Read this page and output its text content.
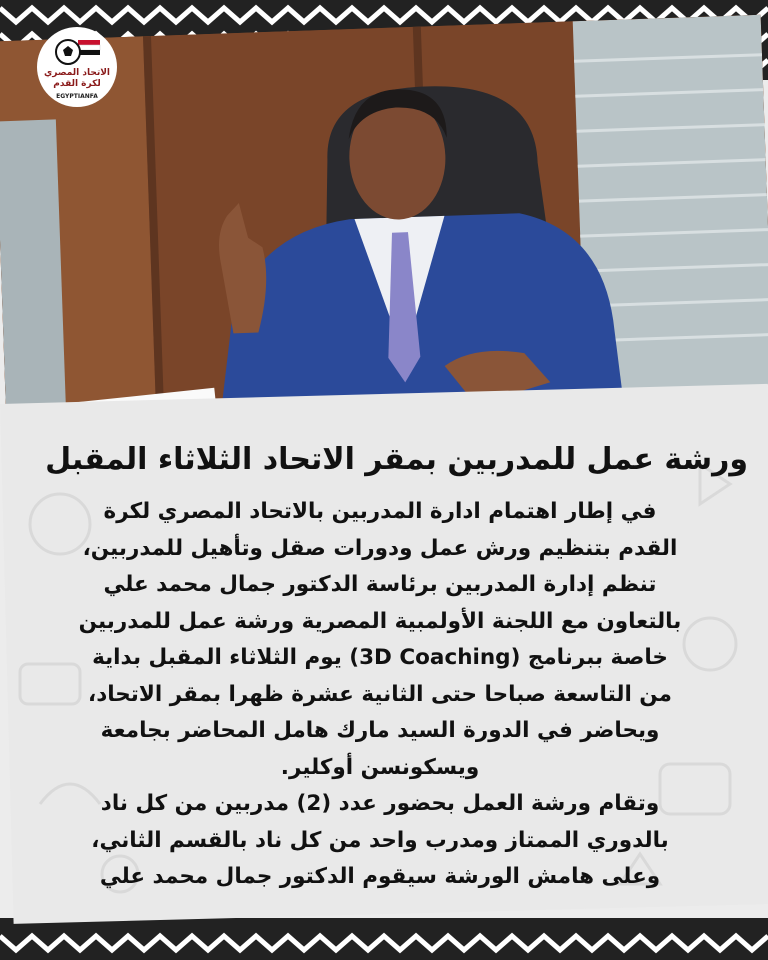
الاتحاد المصري
لكرة القدم
EGYPTIANFA
ورشة عمل للمدربين بمقر الاتحاد الثلاثاء المقبل

في إطار اهتمام ادارة المدربين بالاتحاد المصري لكرة

القدم بتنظيم ورش عمل ودورات صقل وتأهيل للمدربين،

تنظم إدارة المدربين برئاسة الدكتور جمال محمد علي

بالتعاون مع اللجنة الأولمبية المصرية ورشة عمل للمدربين

خاصة ببرنامج (3D Coaching) يوم الثلاثاء المقبل بداية

من التاسعة صباحا حتى الثانية عشرة ظهرا بمقر الاتحاد،

ويحاضر في الدورة السيد مارك هامل المحاضر بجامعة

ويسكونسن أوكلير.

وتقام ورشة العمل بحضور عدد (2) مدربين من كل ناد

بالدوري الممتاز ومدرب واحد من كل ناد بالقسم الثاني،

وعلى هامش الورشة سيقوم الدكتور جمال محمد علي
